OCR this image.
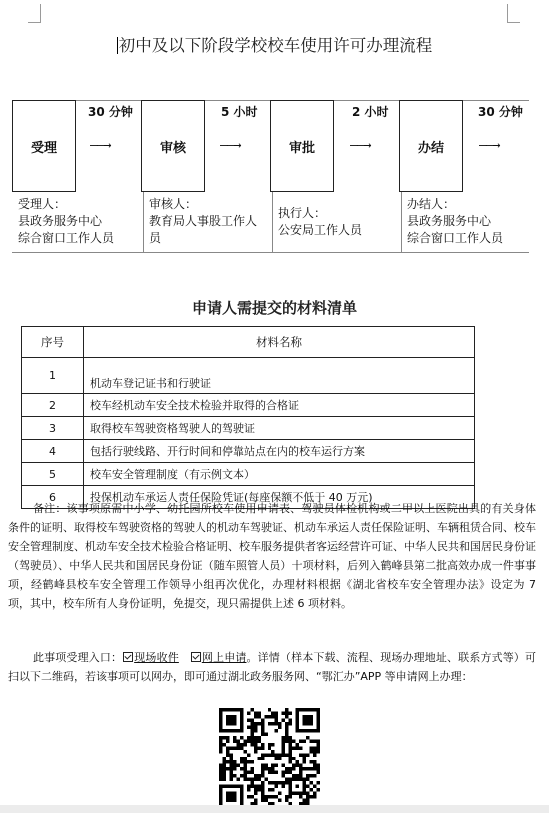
初中及以下阶段学校校车使用许可办理流程
受理	审核	审批	办结
30 分钟	5 小时	2 小时	30 分钟
——→	——→	——→	——→
受理人：
县政务服务中心
综合窗口工作人员
审核人：
教育局人事股工作人
员
执行人：
公安局工作人员
办结人：
县政务服务中心
综合窗口工作人员
申请人需提交的材料清单
序号	材料名称
1	机动车登记证书和行驶证
2	校车经机动车安全技术检验并取得的合格证
3	取得校车驾驶资格驾驶人的驾驶证
4	包括行驶线路、开行时间和停靠站点在内的校车运行方案
5	校车安全管理制度（有示例文本）
6	投保机动车承运人责任保险凭证(每座保额不低于 40 万元)
备注：该事项原需中小学、幼托园所校车使用申请表、驾驶员体检机构或二甲以上医院出具的有关身体条件的证明、取得校车驾驶资格的驾驶人的机动车驾驶证、机动车承运人责任保险证明、车辆租赁合同、校车安全管理制度、机动车安全技术检验合格证明、校车服务提供者客运经营许可证、中华人民共和国居民身份证（驾驶员）、中华人民共和国居民身份证（随车照管人员）十项材料，后列入鹤峰县第二批高效办成一件事事项，经鹤峰县校车安全管理工作领导小组再次优化，办理材料根据《湖北省校车安全管理办法》设定为 7 项，其中，校车所有人身份证明，免提交，现只需提供上述 6 项材料。
此事项受理入口： 现场收件 网上申请。详情（样本下载、流程、现场办理地址、联系方式等）可扫以下二维码，若该事项可以网办，即可通过湖北政务服务网、“鄂汇办”APP 等申请网上办理：
